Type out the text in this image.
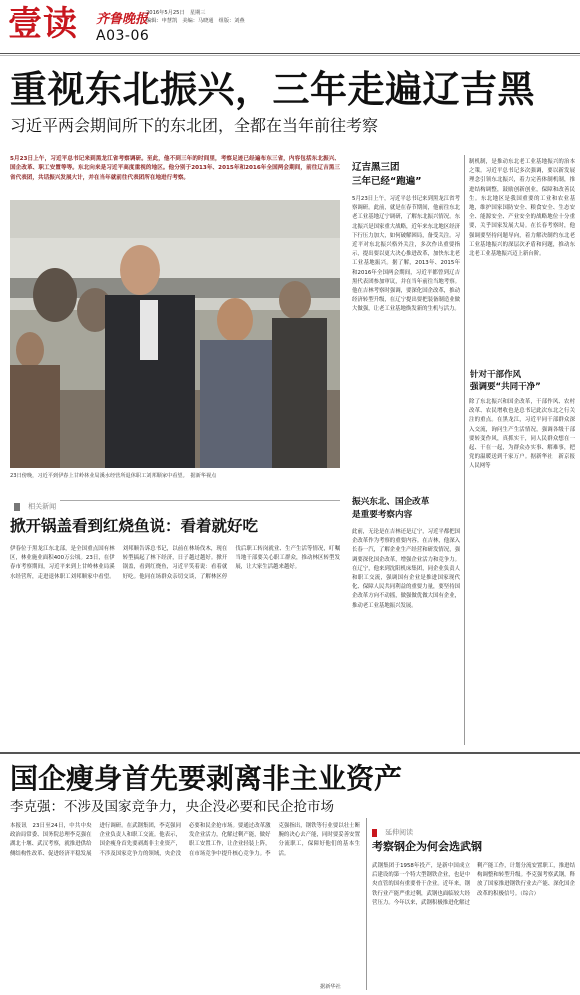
壹读 齐鲁晚报
2016年5月25日　星期三
编辑：申慧凯　美编：马晓通　组版：刘燕
A03-06
重视东北振兴，三年走遍辽吉黑
习近平两会期间所下的东北团，全都在当年前往考察
5月23日上午，习近平总书记来到黑龙江省考察调研。至此，他不到三年的时间里，考察足迹已经遍布东三省，内容包括东北振兴、国企改革、职工安置等等。东北向来是习近平高度重视的地区。他分别于2013年、2015年和2016年全国两会期间，前往辽吉黑三省代表团，共话振兴发展大计，并在当年就前往代表团所在地进行考察。
23日傍晚，习近平到伊春上甘岭林业局溪水经营所退休职工刘邦顺家中看望。　据新华视点
辽吉黑三团
三年已经“跑遍”
5月23日上午，习近平总书记来到黑龙江省考察调研。此前，就是在春节期间，他前往东北老工业基地辽宁调研，了解东北振兴情况。东北振兴是国家重大战略，近年来东北地区经济下行压力加大，如何破解困局，备受关注。习近平对东北振兴格外关注，多次作出重要指示，提出要以更大决心推进改革，加快东北老工业基地振兴。据了解，2013年、2015年和2016年全国两会期间，习近平都曾到辽吉黑代表团参加审议，并在当年前往当地考察。他在吉林考察时强调，要深化国企改革，推动经济转型升级，在辽宁提出要把装备制造业做大做强，让老工业基地焕发新的生机与活力。
制机制，是推动东北老工业基地振兴的治本之策。习近平总书记多次强调，要以新发展理念引领东北振兴，着力完善体制机制，推进结构调整，鼓励创新创业，保障和改善民生。东北地区是我国重要的工业和农业基地，维护国家国防安全、粮食安全、生态安全、能源安全、产业安全的战略地位十分重要，关乎国家发展大局。在长春考察时，他强调要坚持问题导向，着力解决制约东北老工业基地振兴的深层次矛盾和问题，推动东北老工业基地振兴迈上新台阶。
针对干部作风
强调要“共同干净”
除了东北振兴和国企改革，干部作风、农村改革、农民增收也是总书记此次东北之行关注的重点。在黑龙江，习近平同干部群众深入交流，询问生产生活情况，强调各级干部要转变作风，真抓实干，同人民群众想在一起、干在一起，为群众办实事、解难事，把党的温暖送到千家万户。据新华社　新京报　人民网等
相关新闻
掀开锅盖看到红烧鱼说：看着就好吃
伊春位于黑龙江东北部，是全国重点国有林区，林业施业面积400万公顷。23日，在伊春市考察期间，习近平来到上甘岭林业局溪水经营所，走进退休职工刘邦顺家中看望。刘邦顺告诉总书记，以前在林场伐木，现在转型搞起了林下经济，日子越过越好。掀开锅盖，看到红烧鱼，习近平笑着说：看着就好吃。他同在场群众亲切交谈，了解林区停伐后职工转岗就业、生产生活等情况，叮嘱当地干部要关心职工群众，推动林区转型发展，让大家生活越来越好。
振兴东北、国企改革
是重要考察内容
此前，无论是在吉林还是辽宁，习近平都把国企改革作为考察的重要内容。在吉林，他深入长春一汽，了解企业生产经营和研发情况，强调要深化国企改革，增强企业活力和竞争力。在辽宁，他来到沈阳机床集团，同企业负责人和职工交流，强调国有企业是推进国家现代化、保障人民共同利益的重要力量，要坚持国企改革方向不动摇，做强做优做大国有企业，推动老工业基地振兴发展。
国企瘦身首先要剥离非主业资产
李克强：不涉及国家竞争力，央企没必要和民企抢市场
本报讯　23日至24日，中共中央政治局常委、国务院总理李克强在湖北十堰、武汉考察，就推进供给侧结构性改革、促进经济平稳发展进行调研。在武钢集团，李克强同企业负责人和职工交流。他表示，国企瘦身首先要剥离非主业资产，不涉及国家竞争力的领域，央企没必要和民企抢市场。要通过改革激发企业活力，化解过剩产能，做好职工安置工作，让企业轻装上阵，在市场竞争中提升核心竞争力。李克强指出，钢铁等行业要以壮士断腕的决心去产能，同时要妥善安置分流职工，保障好他们的基本生活。
据新华社
延伸阅读
考察钢企为何会选武钢
武钢集团于1958年投产，是新中国成立后建设的第一个特大型钢铁企业，也是中央直管的国有重要骨干企业。近年来，钢铁行业产能严重过剩，武钢也面临较大经营压力。今年以来，武钢积极推进化解过剩产能工作，计划分流安置职工，推进结构调整和转型升级。李克强考察武钢，释放了国家推进钢铁行业去产能、深化国企改革的积极信号。（综合）
